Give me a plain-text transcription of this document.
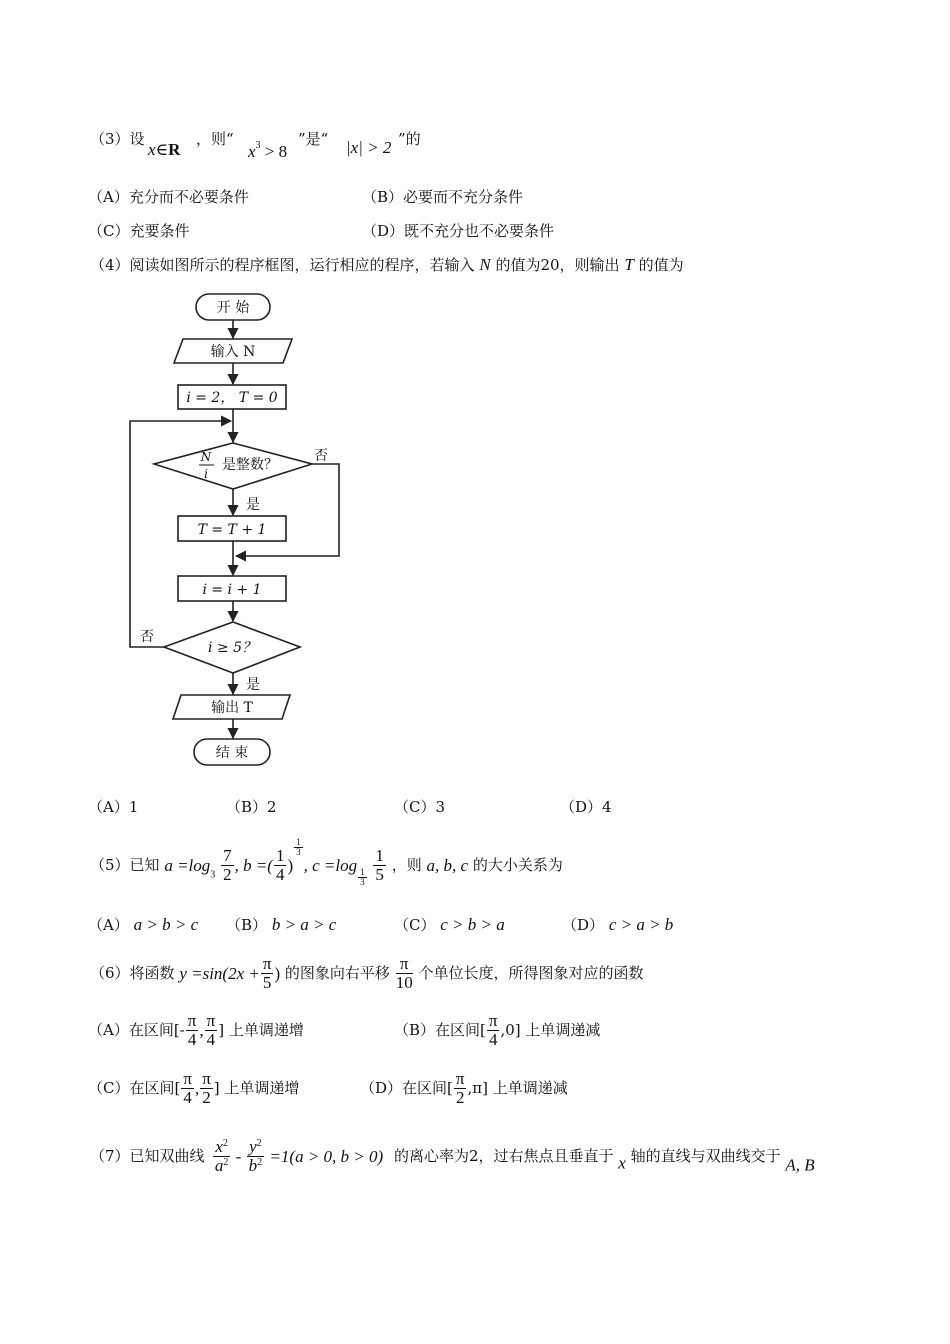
（3）设
x∈R
，则“
$x^3 > 8$
”是“ |x| > 2 ”的
（A）充分而不必要条件	（B）必要而不充分条件
（C）充要条件	（D）既不充分也不必要条件
（4）阅读如图所示的程序框图，运行相应的程序，若输入 N 的值为20，则输出 T 的值为
开 始
输入 N
i = 2， T = 0
N
i
是整数？
是
否
T = T + 1
i = i + 1
i ≥ 5？
否
是
输出 T
结 束
（A）1	（B）2	（C）3	（D）4
（5）已知 $a =\log_3 \frac{7}{2}$ , b =( $\frac{1}{4}$ )
$\frac{1}{3}$
, c =log
$\frac{1}{3}$
$\frac{1}{5}$ ，则 a, b, c 的大小关系为
（A） a > b > c （B） b > a > c	（C） c > b > a	（D） c > a > b
（6）将函数 $y =\sin(2x + \frac{\pi}{5}$ ) 的图象向右平移 $\frac{\pi}{10}$ 个单位长度，所得图象对应的函数
（A）在区间[- $\frac{\pi}{4}$ , $\frac{\pi}{4}$ ] 上单调递增	（B）在区间[ $\frac{\pi}{4} ,0$] 上单调递减
（C）在区间[ $\frac{\pi}{4}$ , $\frac{\pi}{2}$ ] 上单调递增	（D）在区间[ $\frac{\pi}{2} ,\pi$] 上单调递减
（7）已知双曲线 $\frac{x^2}{a^2} - \frac{y^2}{b^2} =1(a > 0$, b > 0) 的离心率为2，过右焦点且垂直于 x 轴的直线与双曲线交于 A, B
